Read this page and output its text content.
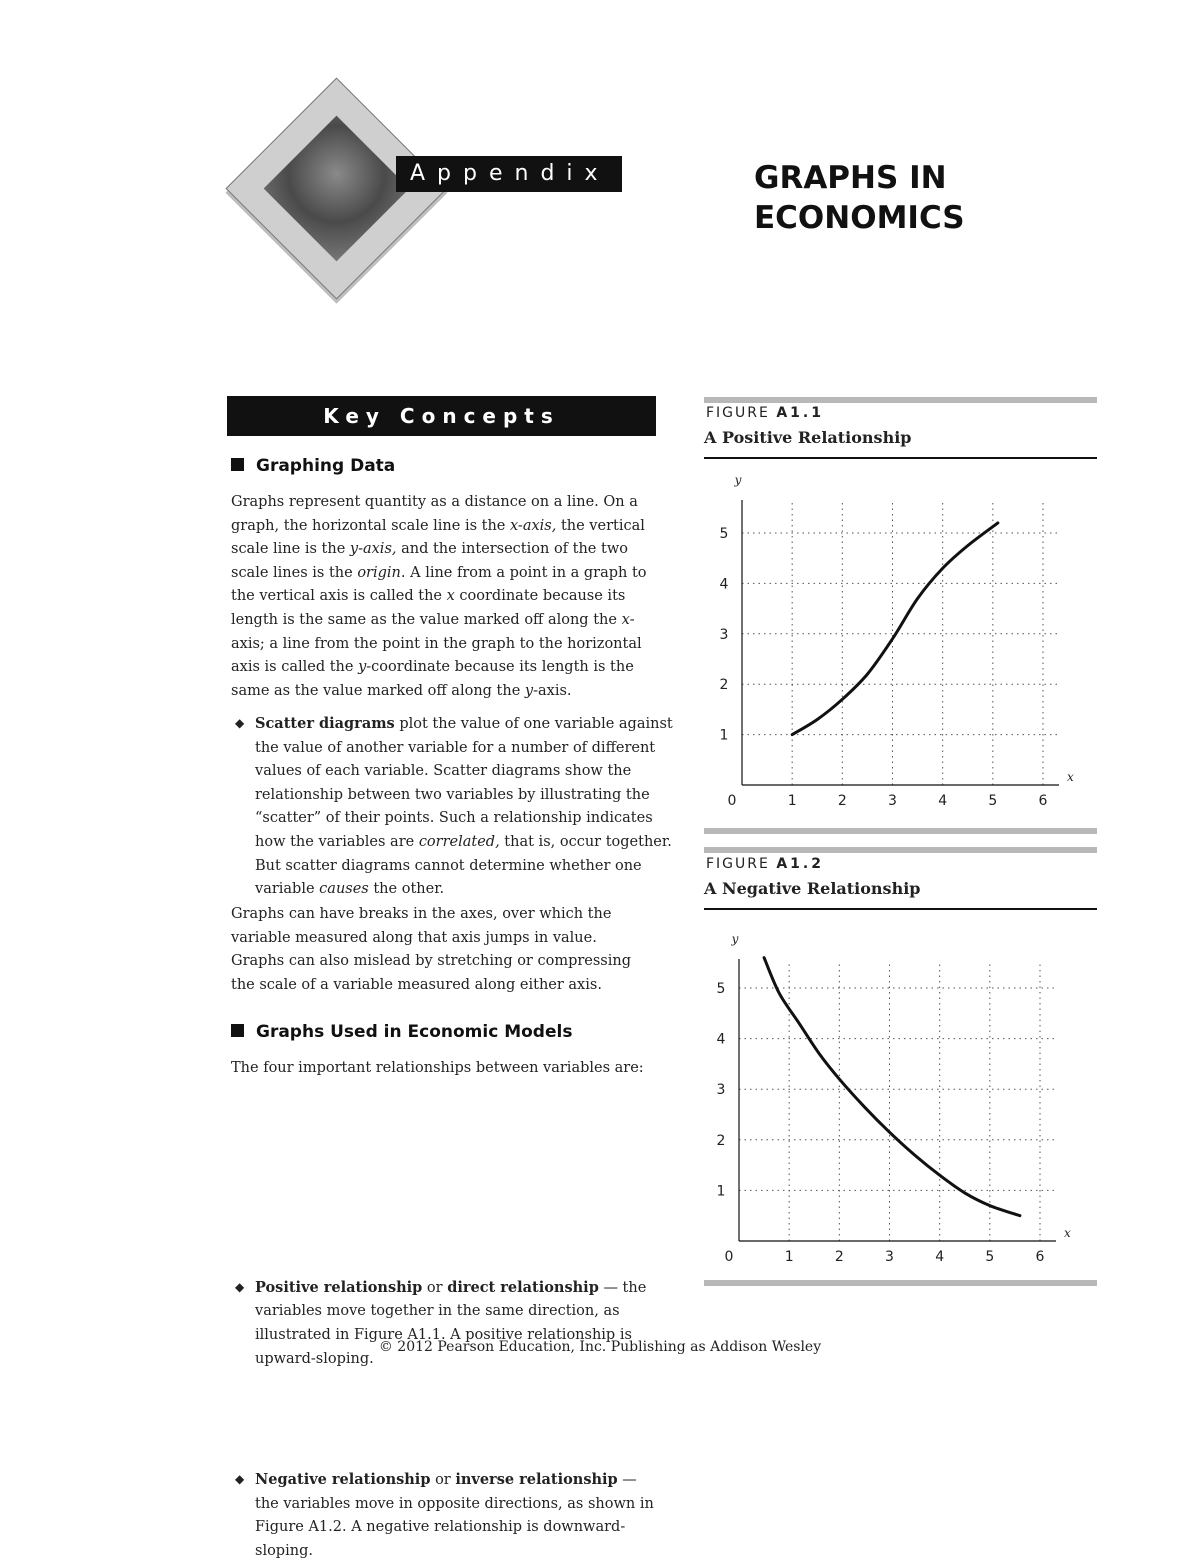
Appendix	GRAPHS IN
ECONOMICS
Key Concepts
Graphing Data
Graphs represent quantity as a distance on a line. On a graph, the horizontal scale line is the x-axis, the vertical scale line is the y-axis, and the intersection of the two scale lines is the origin. A line from a point in a graph to the vertical axis is called the x coordinate because its length is the same as the value marked off along the x-axis; a line from the point in the graph to the horizontal axis is called the y-coordinate because its length is the same as the value marked off along the y-axis.
◆ Scatter diagrams plot the value of one variable against the value of another variable for a number of different values of each variable. Scatter diagrams show the relationship between two variables by illustrating the “scatter” of their points. Such a relationship indicates how the variables are correlated, that is, occur together. But scatter diagrams cannot determine whether one variable causes the other.
Graphs can have breaks in the axes, over which the variable measured along that axis jumps in value. Graphs can also mislead by stretching or compressing the scale of a variable measured along either axis.
Graphs Used in Economic Models
The four important relationships between variables are:
◆ Positive relationship or direct relationship — the variables move together in the same direction, as illustrated in Figure A1.1. A positive relationship is upward-sloping.
◆ Negative relationship or inverse relationship — the variables move in opposite directions, as shown in Figure A1.2. A negative relationship is downward-sloping.
FIGURE A1.1
A Positive Relationship
0	1	2	3	4	5	6
1
2
3
4
5
x
y
FIGURE A1.2
A Negative Relationship
0	1	2	3	4	5	6
1
2
3
4
5
x
y
© 2012 Pearson Education, Inc. Publishing as Addison Wesley
